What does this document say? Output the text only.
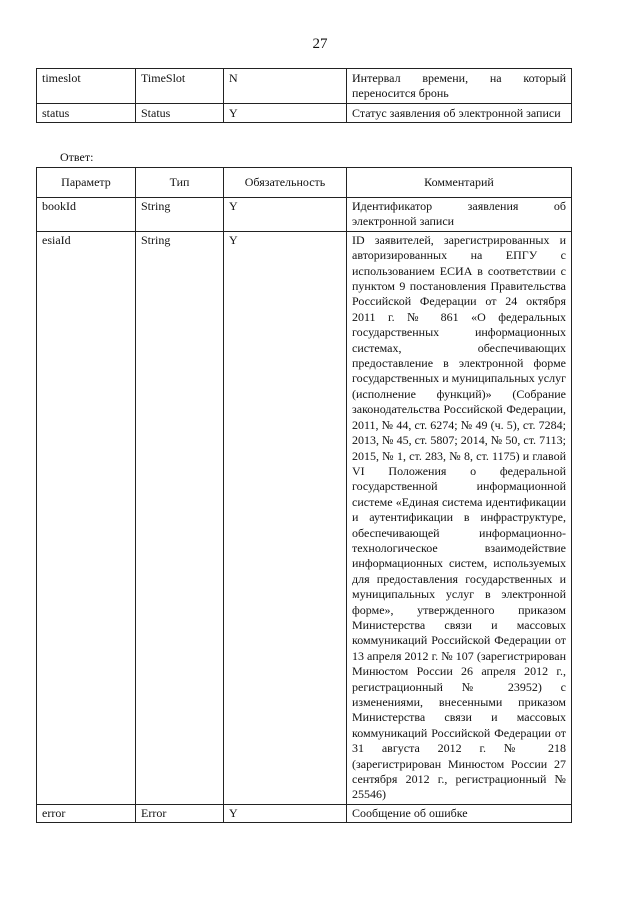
27
timeslot	TimeSlot	N	Интервал времени, на который переносится бронь
status	Status	Y	Статус заявления об электронной записи
Ответ:
Параметр	Тип	Обязательность	Комментарий
bookId	String	Y	Идентификатор заявления об электронной записи
esiaId	String	Y	ID заявителей, зарегистрированных и авторизированных на ЕПГУ с использованием ЕСИА в соответствии с пунктом 9 постановления Правительства Российской Федерации от 24 октября 2011 г. № 861 «О федеральных государственных информационных системах, обеспечивающих предоставление в электронной форме государственных и муниципальных услуг (исполнение функций)» (Собрание законодательства Российской Федерации, 2011, № 44, ст. 6274; № 49 (ч. 5), ст. 7284; 2013, № 45, ст. 5807; 2014, № 50, ст. 7113; 2015, № 1, ст. 283, № 8, ст. 1175) и главой VI Положения о федеральной государственной информационной системе «Единая система идентификации и аутентификации в инфраструктуре, обеспечивающей информационно-технологическое взаимодействие информационных систем, используемых для предоставления государственных и муниципальных услуг в электронной форме», утвержденного приказом Министерства связи и массовых коммуникаций Российской Федерации от 13 апреля 2012 г. № 107 (зарегистрирован Минюстом России 26 апреля 2012 г., регистрационный № 23952) с изменениями, внесенными приказом Министерства связи и массовых коммуникаций Российской Федерации от 31 августа 2012 г. № 218 (зарегистрирован Минюстом России 27 сентября 2012 г., регистрационный № 25546)
error	Error	Y	Сообщение об ошибке
